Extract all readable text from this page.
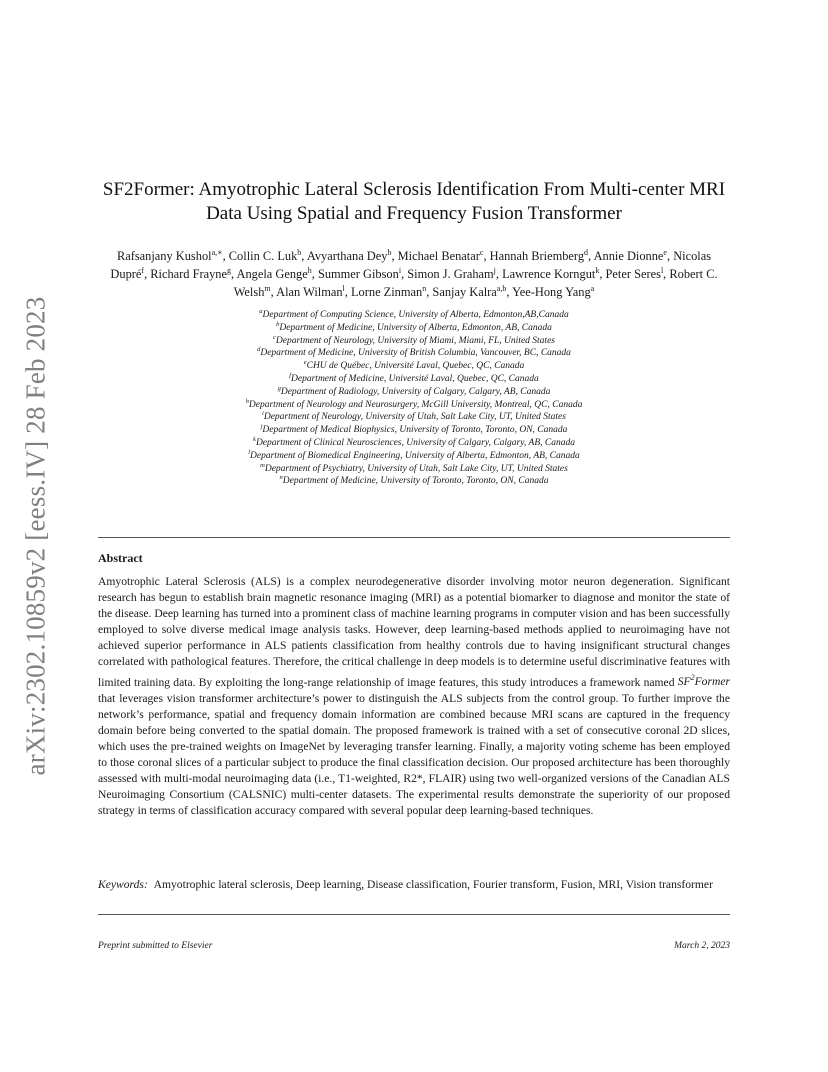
arXiv:2302.10859v2 [eess.IV] 28 Feb 2023
SF2Former: Amyotrophic Lateral Sclerosis Identification From Multi-center MRI Data Using Spatial and Frequency Fusion Transformer
Rafsanjany Kushol$^{a,∗}$, Collin C. Luk$^b$, Avyarthana Dey$^b$, Michael Benatar$^c$, Hannah Briemberg$^d$, Annie Dionne$^e$, Nicolas Dupré$^f$, Richard Frayne$^g$, Angela Genge$^h$, Summer Gibson$^i$, Simon J. Graham$^j$, Lawrence Korngut$^k$, Peter Seres$^l$, Robert C. Welsh$^m$, Alan Wilman$^l$, Lorne Zinman$^n$, Sanjay Kalra$^{a,b}$, Yee-Hong Yang$^a$
$^a$Department of Computing Science, University of Alberta, Edmonton,AB,Canada
$^b$Department of Medicine, University of Alberta, Edmonton, AB, Canada
$^c$Department of Neurology, University of Miami, Miami, FL, United States
$^d$Department of Medicine, University of British Columbia, Vancouver, BC, Canada
$^e$CHU de Québec, Université Laval, Quebec, QC, Canada
$^f$Department of Medicine, Université Laval, Quebec, QC, Canada
$^g$Department of Radiology, University of Calgary, Calgary, AB, Canada
$^h$Department of Neurology and Neurosurgery, McGill University, Montreal, QC, Canada
$^i$Department of Neurology, University of Utah, Salt Lake City, UT, United States
$^j$Department of Medical Biophysics, University of Toronto, Toronto, ON, Canada
$^k$Department of Clinical Neurosciences, University of Calgary, Calgary, AB, Canada
$^l$Department of Biomedical Engineering, University of Alberta, Edmonton, AB, Canada
$^m$Department of Psychiatry, University of Utah, Salt Lake City, UT, United States
$^n$Department of Medicine, University of Toronto, Toronto, ON, Canada
Abstract
Amyotrophic Lateral Sclerosis (ALS) is a complex neurodegenerative disorder involving motor neuron degeneration. Significant research has begun to establish brain magnetic resonance imaging (MRI) as a potential biomarker to diagnose and monitor the state of the disease. Deep learning has turned into a prominent class of machine learning programs in computer vision and has been successfully employed to solve diverse medical image analysis tasks. However, deep learning-based methods applied to neuroimaging have not achieved superior performance in ALS patients classification from healthy controls due to having insignificant structural changes correlated with pathological features. Therefore, the critical challenge in deep models is to determine useful discriminative features with limited training data. By exploiting the long-range relationship of image features, this study introduces a framework named $SF^2Former$ that leverages vision transformer architecture’s power to distinguish the ALS subjects from the control group. To further improve the network’s performance, spatial and frequency domain information are combined because MRI scans are captured in the frequency domain before being converted to the spatial domain. The proposed framework is trained with a set of consecutive coronal 2D slices, which uses the pre-trained weights on ImageNet by leveraging transfer learning. Finally, a majority voting scheme has been employed to those coronal slices of a particular subject to produce the final classification decision. Our proposed architecture has been thoroughly assessed with multi-modal neuroimaging data (i.e., T1-weighted, R2*, FLAIR) using two well-organized versions of the Canadian ALS Neuroimaging Consortium (CALSNIC) multi-center datasets. The experimental results demonstrate the superiority of our proposed strategy in terms of classification accuracy compared with several popular deep learning-based techniques.
Keywords: Amyotrophic lateral sclerosis, Deep learning, Disease classification, Fourier transform, Fusion, MRI, Vision transformer
Preprint submitted to Elsevier	March 2, 2023
